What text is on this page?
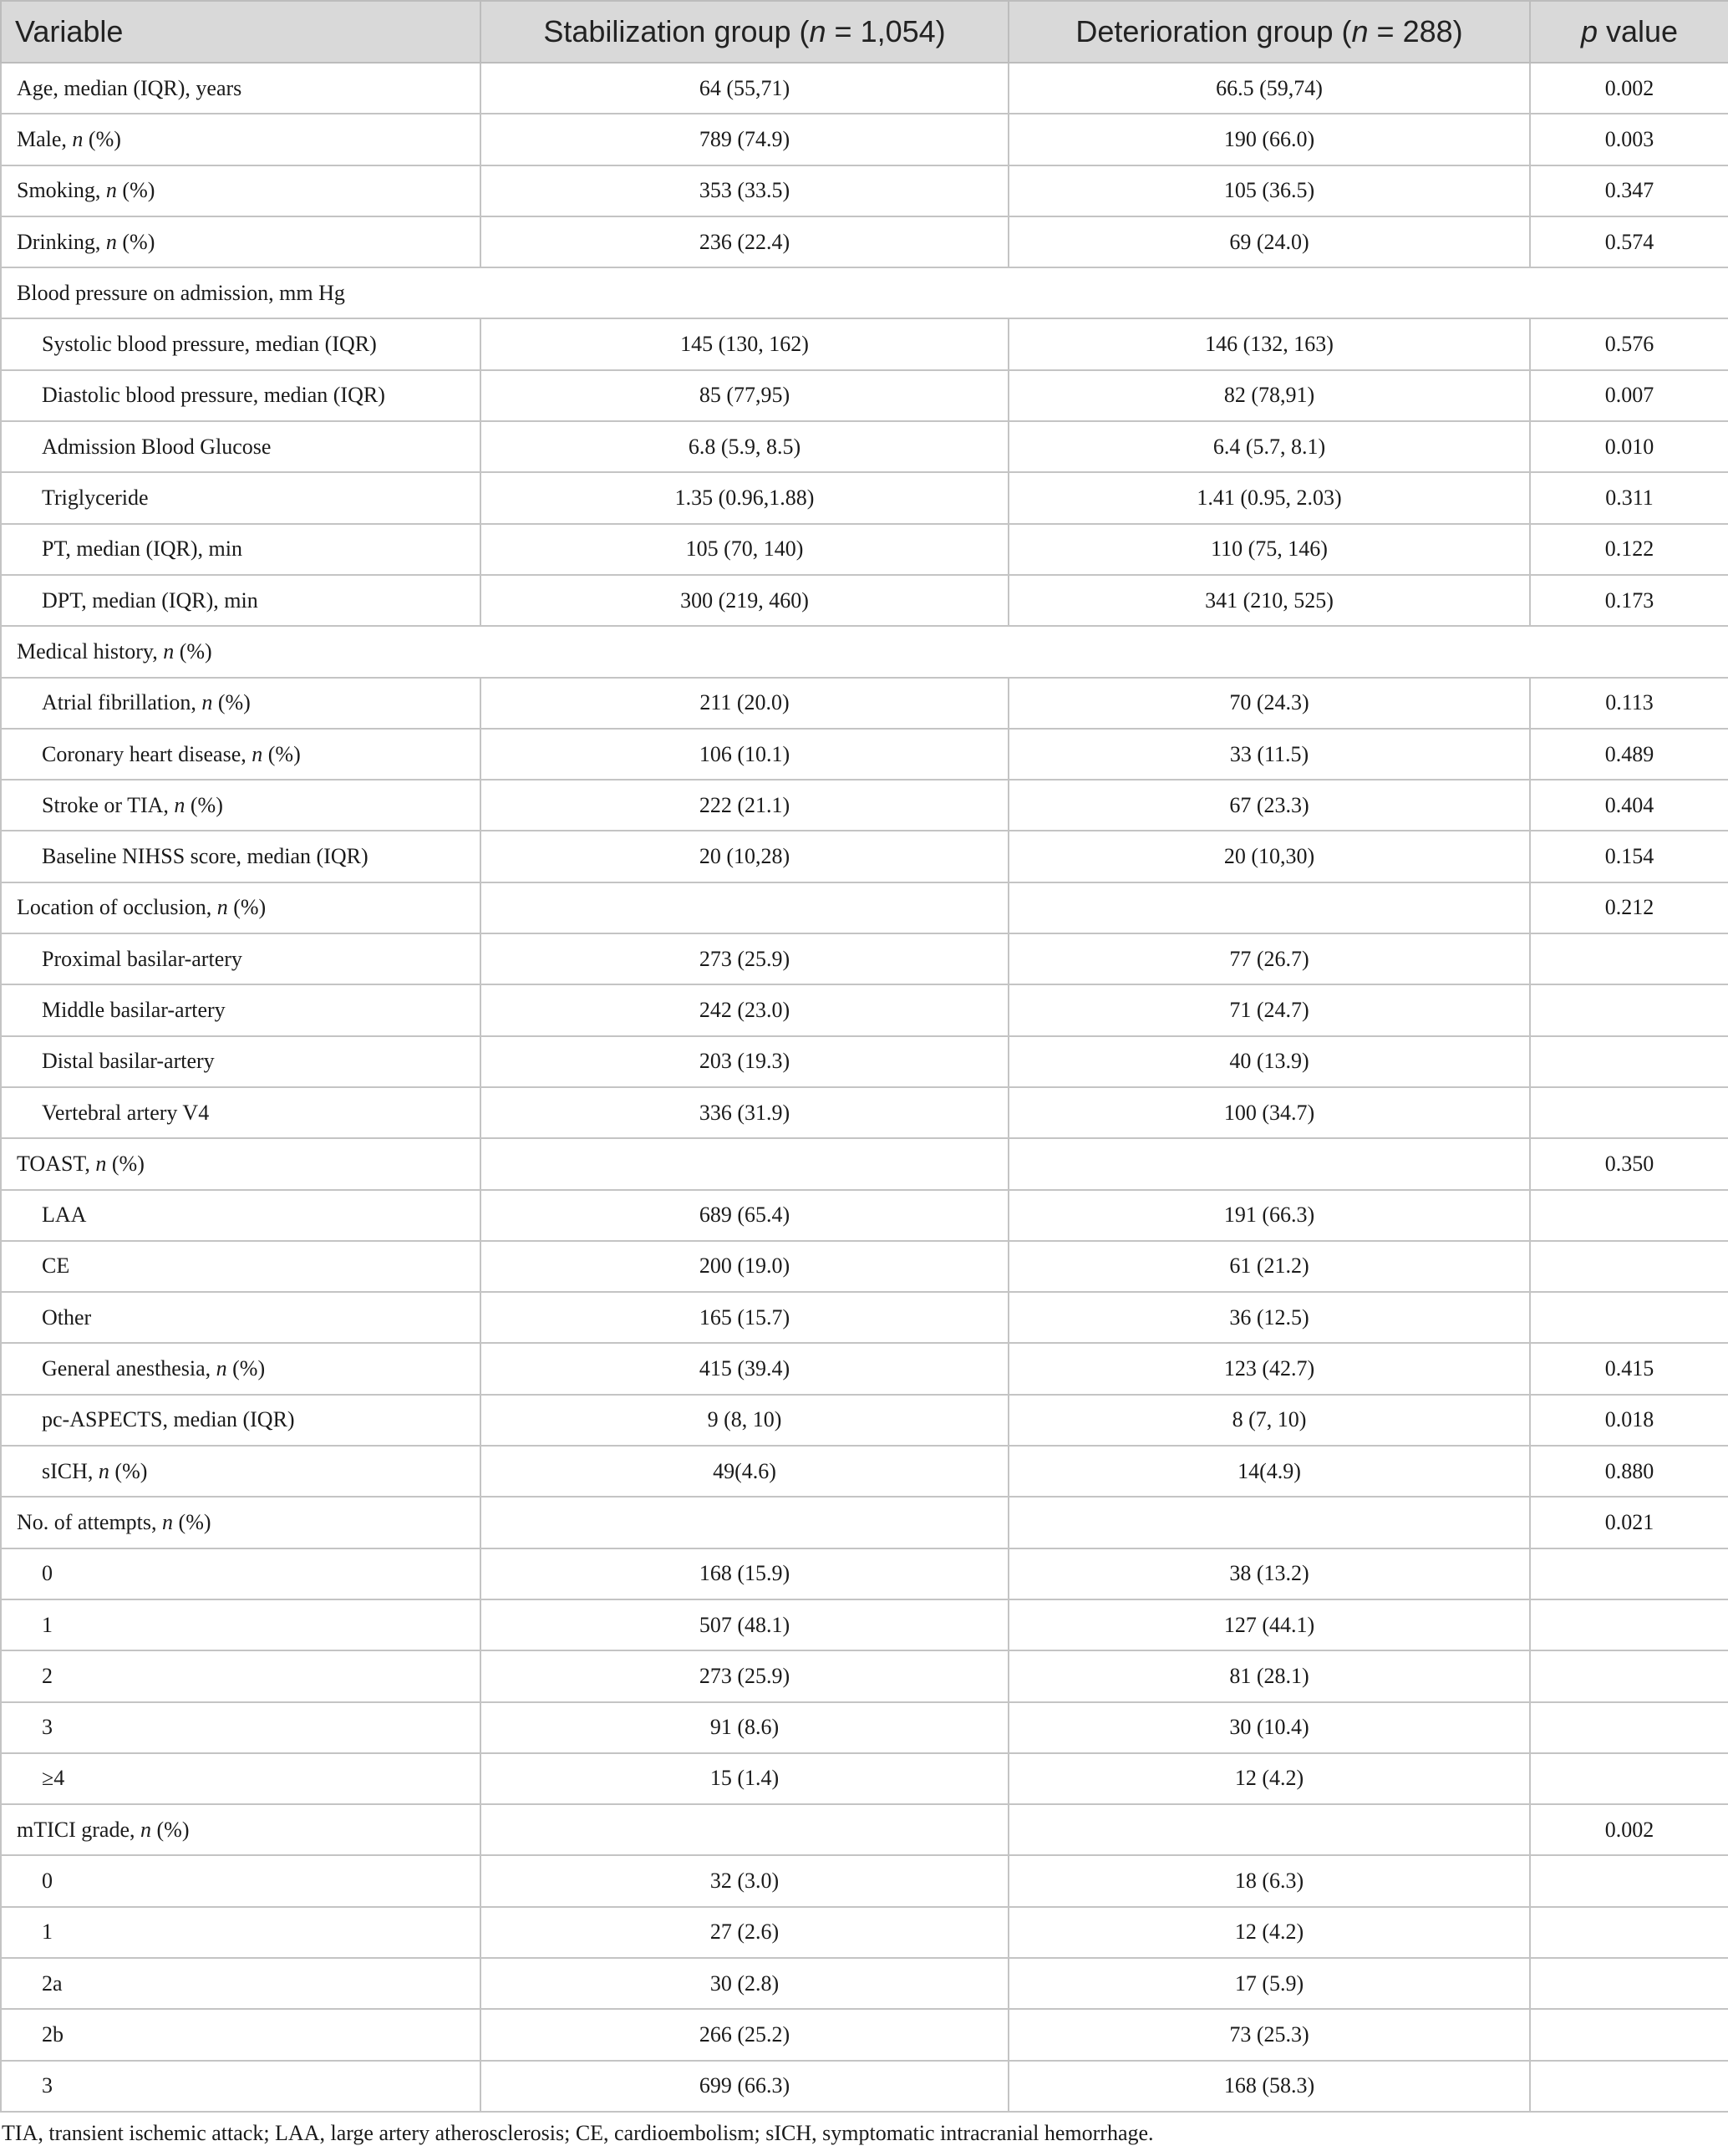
Variable	Stabilization group (n = 1,054)	Deterioration group (n = 288)	p value
Age, median (IQR), years	64 (55,71)	66.5 (59,74)	0.002
Male, n (%)	789 (74.9)	190 (66.0)	0.003
Smoking, n (%)	353 (33.5)	105 (36.5)	0.347
Drinking, n (%)	236 (22.4)	69 (24.0)	0.574
Blood pressure on admission, mm Hg			
Systolic blood pressure, median (IQR)	145 (130, 162)	146 (132, 163)	0.576
Diastolic blood pressure, median (IQR)	85 (77,95)	82 (78,91)	0.007
Admission Blood Glucose	6.8 (5.9, 8.5)	6.4 (5.7, 8.1)	0.010
Triglyceride	1.35 (0.96,1.88)	1.41 (0.95, 2.03)	0.311
PT, median (IQR), min	105 (70, 140)	110 (75, 146)	0.122
DPT, median (IQR), min	300 (219, 460)	341 (210, 525)	0.173
Medical history, n (%)			
Atrial fibrillation, n (%)	211 (20.0)	70 (24.3)	0.113
Coronary heart disease, n (%)	106 (10.1)	33 (11.5)	0.489
Stroke or TIA, n (%)	222 (21.1)	67 (23.3)	0.404
Baseline NIHSS score, median (IQR)	20 (10,28)	20 (10,30)	0.154
Location of occlusion, n (%)			0.212
Proximal basilar-artery	273 (25.9)	77 (26.7)	
Middle basilar-artery	242 (23.0)	71 (24.7)	
Distal basilar-artery	203 (19.3)	40 (13.9)	
Vertebral artery V4	336 (31.9)	100 (34.7)	
TOAST, n (%)			0.350
LAA	689 (65.4)	191 (66.3)	
CE	200 (19.0)	61 (21.2)	
Other	165 (15.7)	36 (12.5)	
General anesthesia, n (%)	415 (39.4)	123 (42.7)	0.415
pc-ASPECTS, median (IQR)	9 (8, 10)	8 (7, 10)	0.018
sICH, n (%)	49(4.6)	14(4.9)	0.880
No. of attempts, n (%)			0.021
0	168 (15.9)	38 (13.2)	
1	507 (48.1)	127 (44.1)	
2	273 (25.9)	81 (28.1)	
3	91 (8.6)	30 (10.4)	
≥4	15 (1.4)	12 (4.2)	
mTICI grade, n (%)			0.002
0	32 (3.0)	18 (6.3)	
1	27 (2.6)	12 (4.2)	
2a	30 (2.8)	17 (5.9)	
2b	266 (25.2)	73 (25.3)	
3	699 (66.3)	168 (58.3)	
TIA, transient ischemic attack; LAA, large artery atherosclerosis; CE, cardioembolism; sICH, symptomatic intracranial hemorrhage.
